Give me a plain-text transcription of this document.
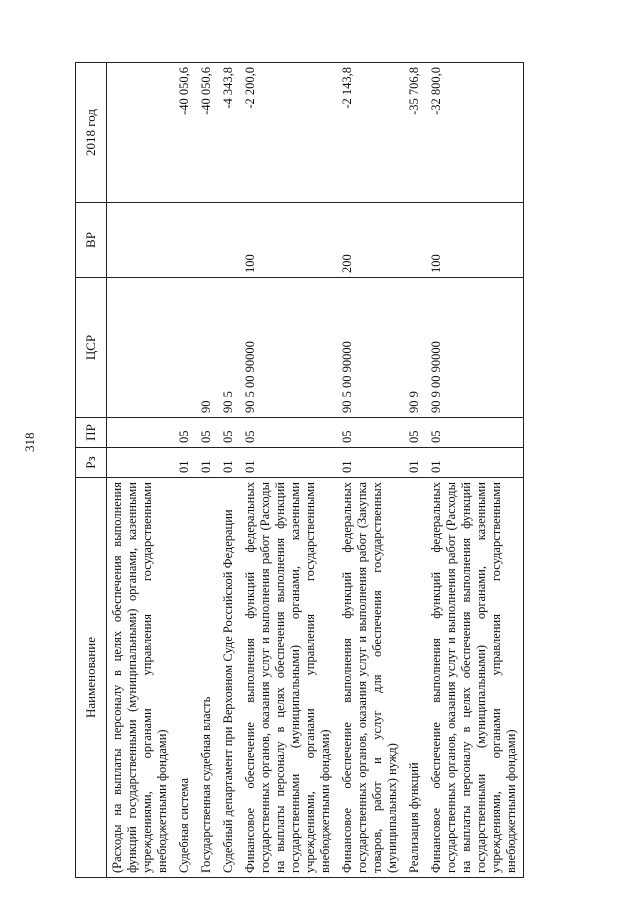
318
Наименование	Рз	ПР	ЦСР	ВР	2018 год
(Расходы на выплаты персоналу в целях обеспечения выполнения функций государственными (муниципальными) органами, казенными учреждениями, органами управления государственными внебюджетными фондами)					
Судебная система	01	05			-40 050,6
Государственная судебная власть	01	05	90		-40 050,6
Судебный департамент при Верховном Суде Российской Федерации	01	05	90 5		-4 343,8
Финансовое обеспечение выполнения функций федеральных государственных органов, оказания услуг и выполнения работ (Расходы на выплаты персоналу в целях обеспечения выполнения функций государственными (муниципальными) органами, казенными учреждениями, органами управления государственными внебюджетными фондами)	01	05	90 5 00 90000	100	-2 200,0
Финансовое обеспечение выполнения функций федеральных государственных органов, оказания услуг и выполнения работ (Закупка товаров, работ и услуг для обеспечения государственных (муниципальных) нужд)	01	05	90 5 00 90000	200	-2 143,8
Реализация функций	01	05	90 9		-35 706,8
Финансовое обеспечение выполнения функций федеральных государственных органов, оказания услуг и выполнения работ (Расходы на выплаты персоналу в целях обеспечения выполнения функций государственными (муниципальными) органами, казенными учреждениями, органами управления государственными внебюджетными фондами)	01	05	90 9 00 90000	100	-32 800,0
